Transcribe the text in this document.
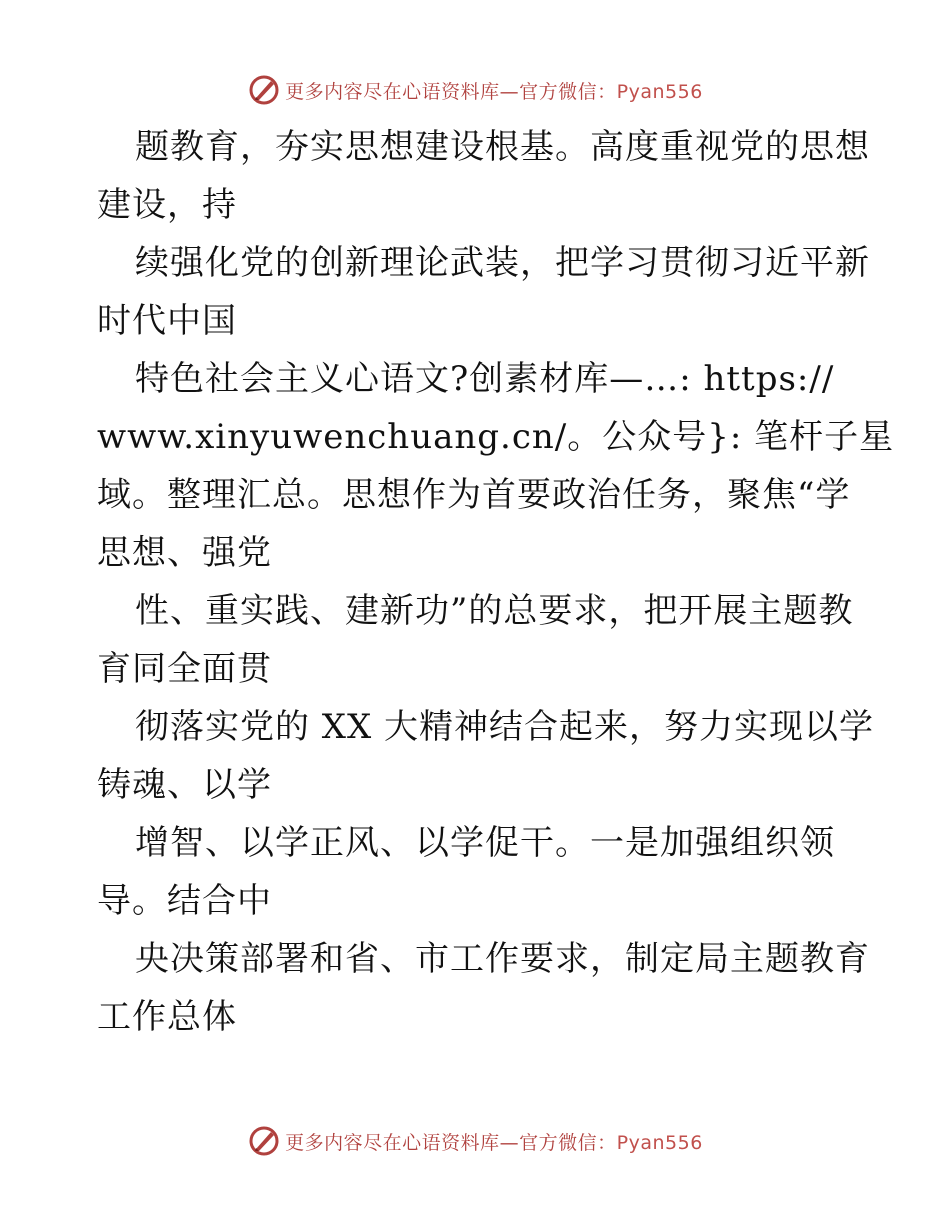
更多内容尽在心语资料库—官方微信：Pyan556
题教育，夯实思想建设根基。高度重视党的思想
建设，持
续强化党的创新理论武装，把学习贯彻习近平新
时代中国
特色社会主义心语文?创素材库—…: https://
www.xinyuwenchuang.cn/。公众号}: 笔杆子星
域。整理汇总。思想作为首要政治任务，聚焦“学
思想、强党
性、重实践、建新功”的总要求，把开展主题教
育同全面贯
彻落实党的 XX 大精神结合起来，努力实现以学
铸魂、以学
增智、以学正风、以学促干。一是加强组织领
导。结合中
央决策部署和省、市工作要求，制定局主题教育
工作总体
更多内容尽在心语资料库—官方微信：Pyan556
